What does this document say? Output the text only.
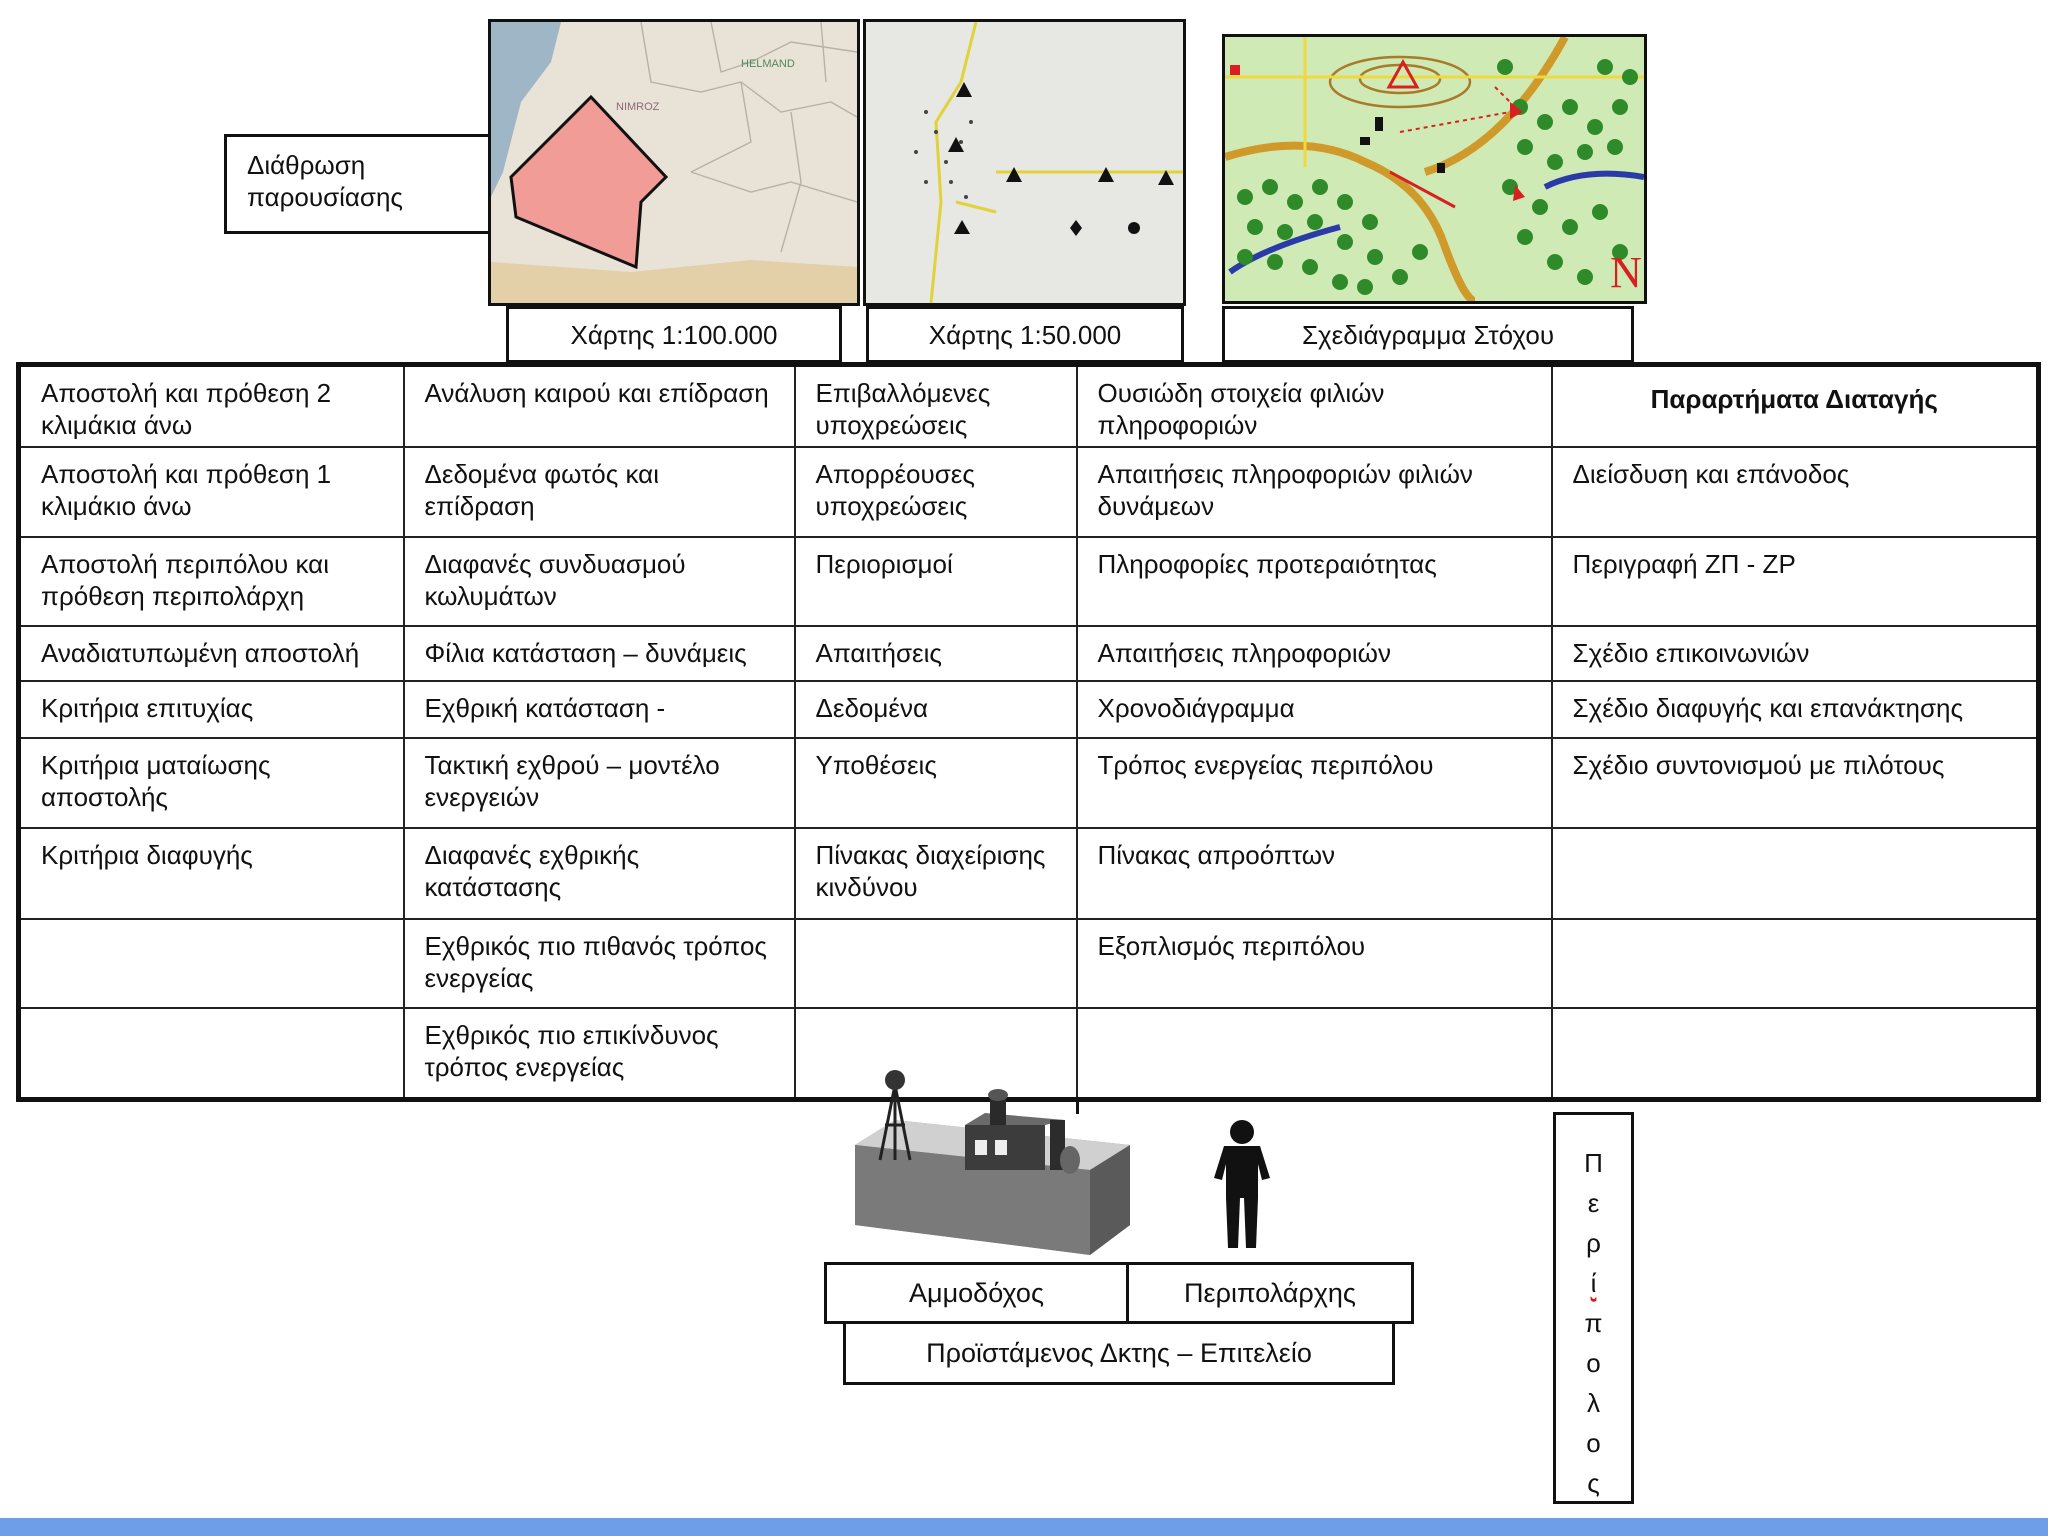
Διάθρωση παρουσίασης
NIMROZ
HELMAND
N
Χάρτης 1:100.000	Χάρτης 1:50.000	Σχεδιάγραμμα Στόχου
Αποστολή και πρόθεση 2 κλιμάκια άνω	Ανάλυση καιρού και επίδραση	Επιβαλλόμενες υποχρεώσεις	Ουσιώδη στοιχεία φιλιών πληροφοριών	Παραρτήματα Διαταγής
Αποστολή και πρόθεση 1 κλιμάκιο άνω	Δεδομένα φωτός και επίδραση	Απορρέουσες υποχρεώσεις	Απαιτήσεις πληροφοριών φιλιών δυνάμεων	Διείσδυση και επάνοδος
Αποστολή περιπόλου και πρόθεση περιπολάρχη	Διαφανές συνδυασμού κωλυμάτων	Περιορισμοί	Πληροφορίες προτεραιότητας	Περιγραφή ΖΠ - ΖΡ
Αναδιατυπωμένη αποστολή	Φίλια κατάσταση – δυνάμεις	Απαιτήσεις	Απαιτήσεις πληροφοριών	Σχέδιο επικοινωνιών
Κριτήρια επιτυχίας	Εχθρική κατάσταση -	Δεδομένα	Χρονοδιάγραμμα	Σχέδιο διαφυγής και επανάκτησης
Κριτήρια ματαίωσης αποστολής	Τακτική εχθρού – μοντέλο ενεργειών	Υποθέσεις	Τρόπος ενεργείας περιπόλου	Σχέδιο συντονισμού με πιλότους
Κριτήρια διαφυγής	Διαφανές εχθρικής κατάστασης	Πίνακας διαχείρισης κινδύνου	Πίνακας απροόπτων	
	Εχθρικός πιο πιθανός τρόπος ενεργείας		Εξοπλισμός περιπόλου	
	Εχθρικός πιο επικίνδυνος τρόπος ενεργείας			
Αμμοδόχος	Περιπολάρχης
Προϊστάμενος Δκτης – Επιτελείο
Π
ε
ρ
ί
π
ο
λ
ο
ς
